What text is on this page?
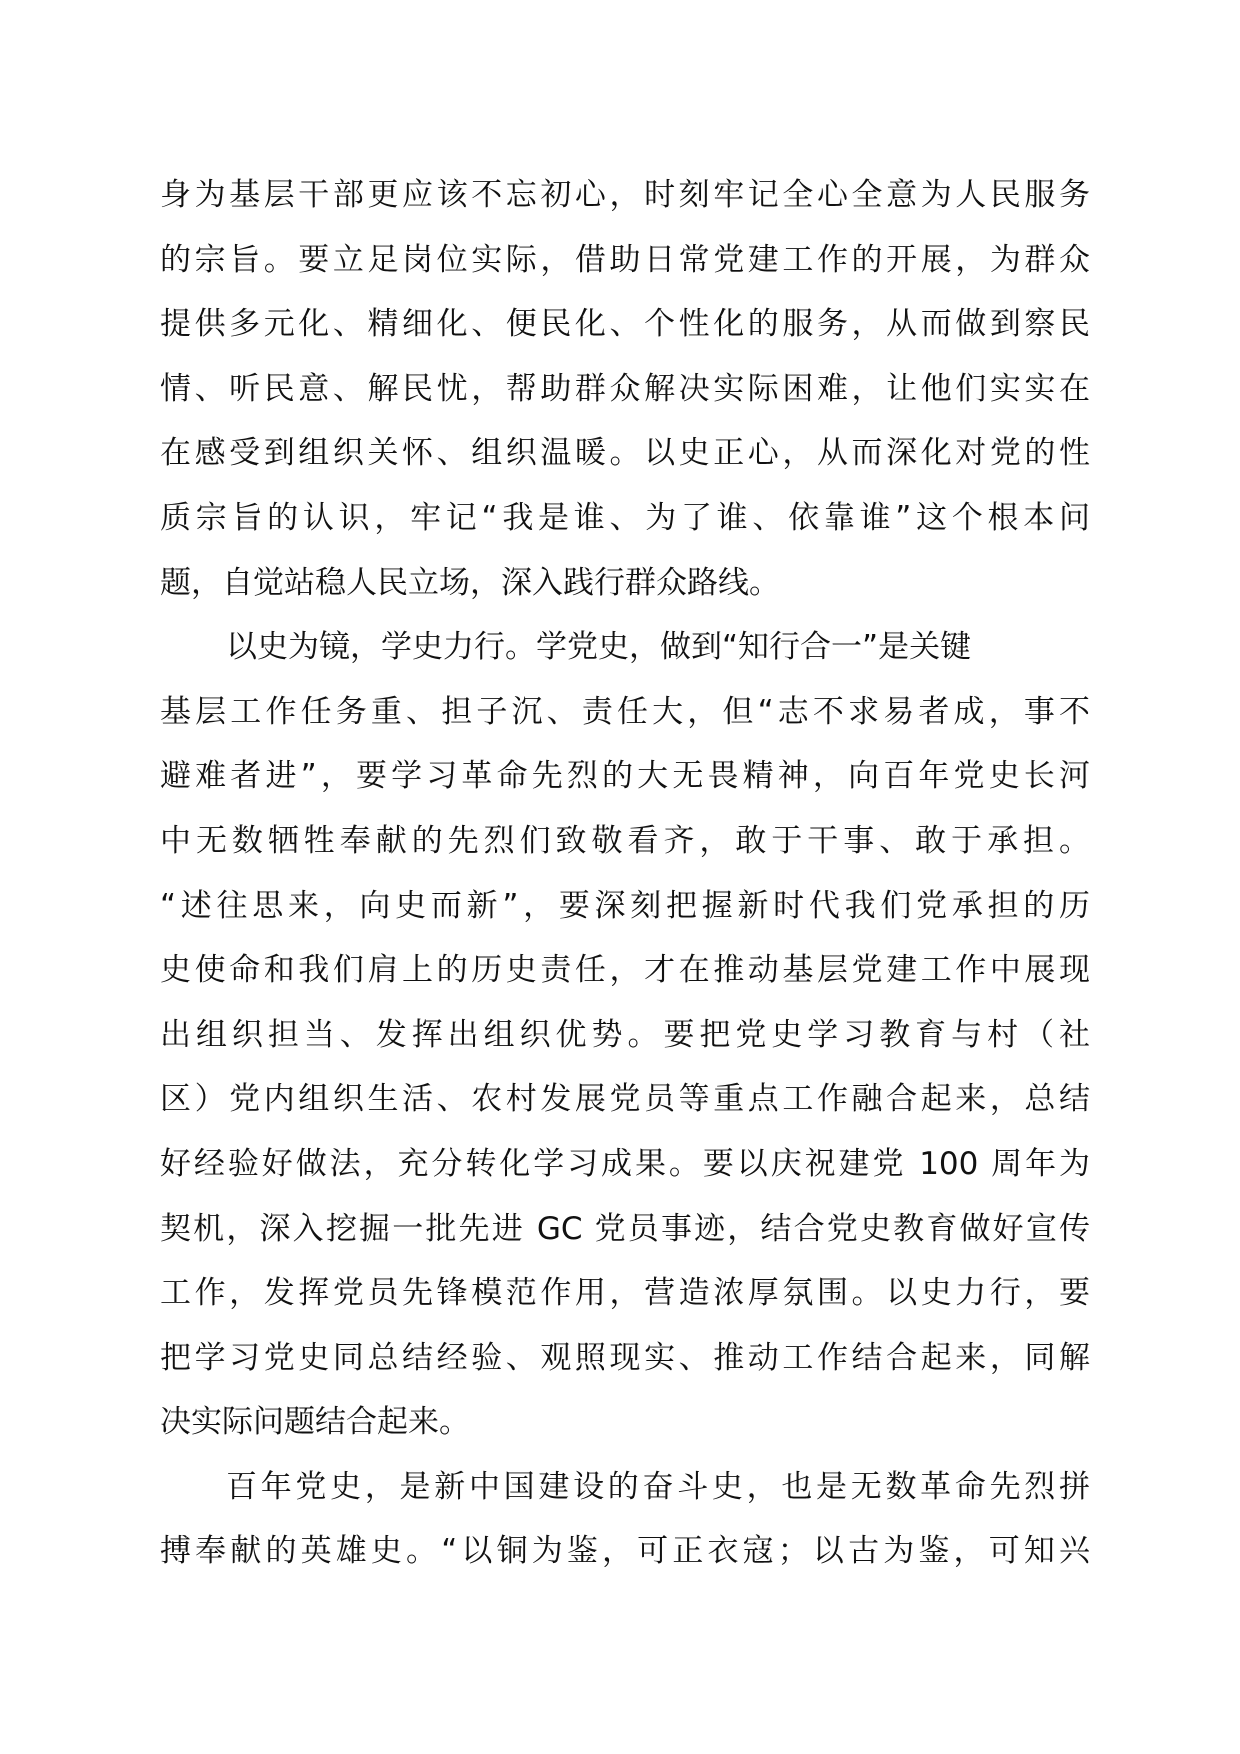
身为基层干部更应该不忘初心，时刻牢记全心全意为人民服务
的宗旨。要立足岗位实际，借助日常党建工作的开展，为群众
提供多元化、精细化、便民化、个性化的服务，从而做到察民
情、听民意、解民忧，帮助群众解决实际困难，让他们实实在
在感受到组织关怀、组织温暖。以史正心，从而深化对党的性
质宗旨的认识，牢记“我是谁、为了谁、依靠谁”这个根本问
题，自觉站稳人民立场，深入践行群众路线。
以史为镜，学史力行。学党史，做到“知行合一”是关键
基层工作任务重、担子沉、责任大，但“志不求易者成，事不
避难者进”，要学习革命先烈的大无畏精神，向百年党史长河
中无数牺牲奉献的先烈们致敬看齐，敢于干事、敢于承担。
“述往思来，向史而新”，要深刻把握新时代我们党承担的历
史使命和我们肩上的历史责任，才在推动基层党建工作中展现
出组织担当、发挥出组织优势。要把党史学习教育与村（社
区）党内组织生活、农村发展党员等重点工作融合起来，总结
好经验好做法，充分转化学习成果。要以庆祝建党 100 周年为
契机，深入挖掘一批先进 GC 党员事迹，结合党史教育做好宣传
工作，发挥党员先锋模范作用，营造浓厚氛围。以史力行，要
把学习党史同总结经验、观照现实、推动工作结合起来，同解
决实际问题结合起来。
百年党史，是新中国建设的奋斗史，也是无数革命先烈拼
搏奉献的英雄史。“以铜为鉴，可正衣寇；以古为鉴，可知兴
